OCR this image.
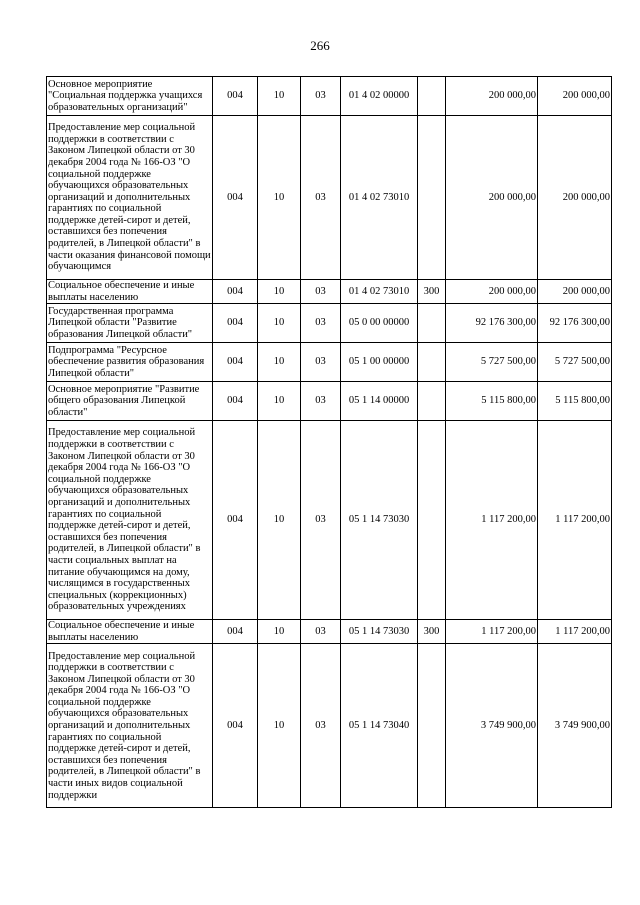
266
Основное мероприятие "Социальная поддержка учащихся образовательных организаций"	004	10	03	01 4 02 00000		200 000,00	200 000,00
Предоставление мер социальной поддержки в соответствии с Законом Липецкой области от 30 декабря 2004 года № 166-ОЗ "О социальной поддержке обучающихся образовательных организаций и дополнительных гарантиях по социальной поддержке детей-сирот и детей, оставшихся без попечения родителей, в Липецкой области" в части оказания финансовой помощи обучающимся	004	10	03	01 4 02 73010		200 000,00	200 000,00
Социальное обеспечение и иные выплаты населению	004	10	03	01 4 02 73010	300	200 000,00	200 000,00
Государственная программа Липецкой области "Развитие образования Липецкой области"	004	10	03	05 0 00 00000		92 176 300,00	92 176 300,00
Подпрограмма "Ресурсное обеспечение развития образования Липецкой области"	004	10	03	05 1 00 00000		5 727 500,00	5 727 500,00
Основное мероприятие "Развитие общего образования Липецкой области"	004	10	03	05 1 14 00000		5 115 800,00	5 115 800,00
Предоставление мер социальной поддержки в соответствии с Законом Липецкой области от 30 декабря 2004 года № 166-ОЗ "О социальной поддержке обучающихся образовательных организаций и дополнительных гарантиях по социальной поддержке детей-сирот и детей, оставшихся без попечения родителей, в Липецкой области" в части социальных выплат на питание обучающимся на дому, числящимся в государственных специальных (коррекционных) образовательных учреждениях	004	10	03	05 1 14 73030		1 117 200,00	1 117 200,00
Социальное обеспечение и иные выплаты населению	004	10	03	05 1 14 73030	300	1 117 200,00	1 117 200,00
Предоставление мер социальной поддержки в соответствии с Законом Липецкой области от 30 декабря 2004 года № 166-ОЗ "О социальной поддержке обучающихся образовательных организаций и дополнительных гарантиях по социальной поддержке детей-сирот и детей, оставшихся без попечения родителей, в Липецкой области" в части иных видов социальной поддержки	004	10	03	05 1 14 73040		3 749 900,00	3 749 900,00
